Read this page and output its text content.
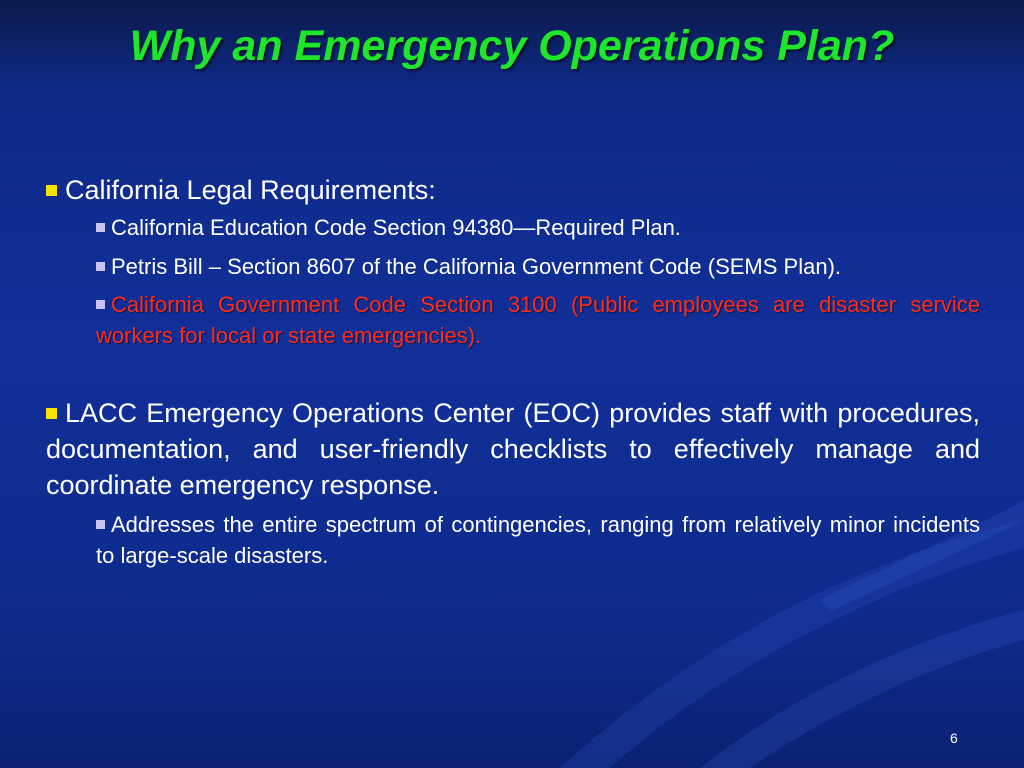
Why an Emergency Operations Plan?

California Legal Requirements:

California Education Code Section 94380—Required Plan.

Petris Bill – Section 8607 of the California Government Code (SEMS Plan).

California Government Code Section 3100 (Public employees are disaster service workers for local or state emergencies).

LACC Emergency Operations Center (EOC) provides staff with procedures, documentation, and user-friendly checklists to effectively manage and coordinate emergency response.

Addresses the entire spectrum of contingencies, ranging from relatively minor incidents to large-scale disasters.

6
